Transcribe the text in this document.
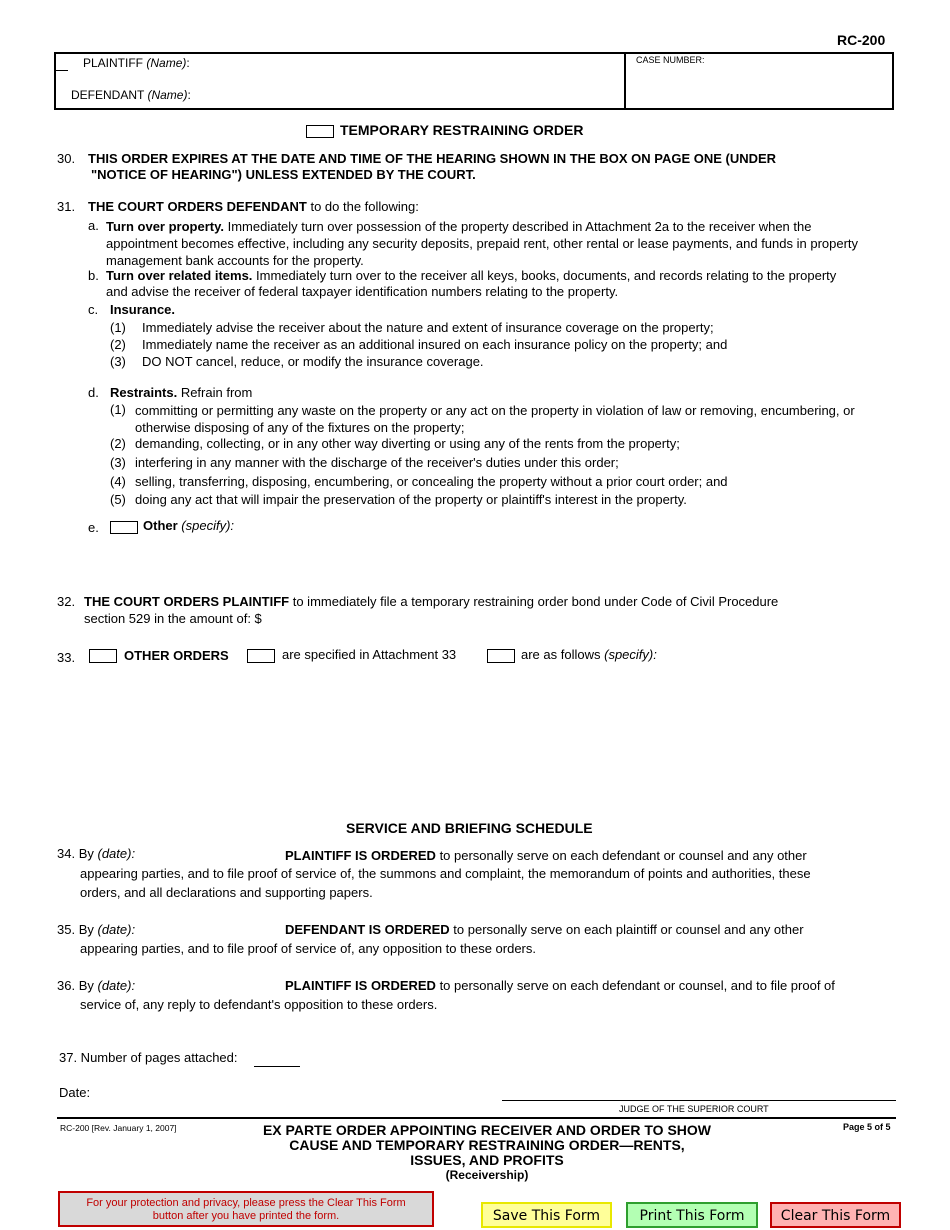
RC-200
PLAINTIFF (Name):
DEFENDANT (Name):
CASE NUMBER:
TEMPORARY RESTRAINING ORDER
30. THIS ORDER EXPIRES AT THE DATE AND TIME OF THE HEARING SHOWN IN THE BOX ON PAGE ONE (UNDER
"NOTICE OF HEARING") UNLESS EXTENDED BY THE COURT.
31. THE COURT ORDERS DEFENDANT to do the following:
a. Turn over property. Immediately turn over possession of the property described in Attachment 2a to the receiver when the appointment becomes effective, including any security deposits, prepaid rent, other rental or lease payments, and funds in property management bank accounts for the property.
b. Turn over related items. Immediately turn over to the receiver all keys, books, documents, and records relating to the property and advise the receiver of federal taxpayer identification numbers relating to the property.
c. Insurance.
(1) Immediately advise the receiver about the nature and extent of insurance coverage on the property;
(2) Immediately name the receiver as an additional insured on each insurance policy on the property; and
(3) DO NOT cancel, reduce, or modify the insurance coverage.
d. Restraints. Refrain from
(1) committing or permitting any waste on the property or any act on the property in violation of law or removing, encumbering, or otherwise disposing of any of the fixtures on the property;
(2) demanding, collecting, or in any other way diverting or using any of the rents from the property;
(3) interfering in any manner with the discharge of the receiver's duties under this order;
(4) selling, transferring, disposing, encumbering, or concealing the property without a prior court order; and
(5) doing any act that will impair the preservation of the property or plaintiff's interest in the property.
e.	Other (specify):
32. THE COURT ORDERS PLAINTIFF to immediately file a temporary restraining order bond under Code of Civil Procedure
section 529 in the amount of: $
33.	OTHER ORDERS	are specified in Attachment 33	are as follows (specify):
SERVICE AND BRIEFING SCHEDULE
34. By (date):	PLAINTIFF IS ORDERED to personally serve on each defendant or counsel and any other
appearing parties, and to file proof of service of, the summons and complaint, the memorandum of points and authorities, these
orders, and all declarations and supporting papers.
35. By (date):	DEFENDANT IS ORDERED to personally serve on each plaintiff or counsel and any other
appearing parties, and to file proof of service of, any opposition to these orders.
36. By (date):	PLAINTIFF IS ORDERED to personally serve on each defendant or counsel, and to file proof of
service of, any reply to defendant's opposition to these orders.
37. Number of pages attached:
Date:
JUDGE OF THE SUPERIOR COURT
RC-200 [Rev. January 1, 2007]	EX PARTE ORDER APPOINTING RECEIVER AND ORDER TO SHOW
CAUSE AND TEMPORARY RESTRAINING ORDER—RENTS,
ISSUES, AND PROFITS
(Receivership)
Page 5 of 5
For your protection and privacy, please press the Clear This Form
button after you have printed the form.	Save This Form	Print This Form	Clear This Form
